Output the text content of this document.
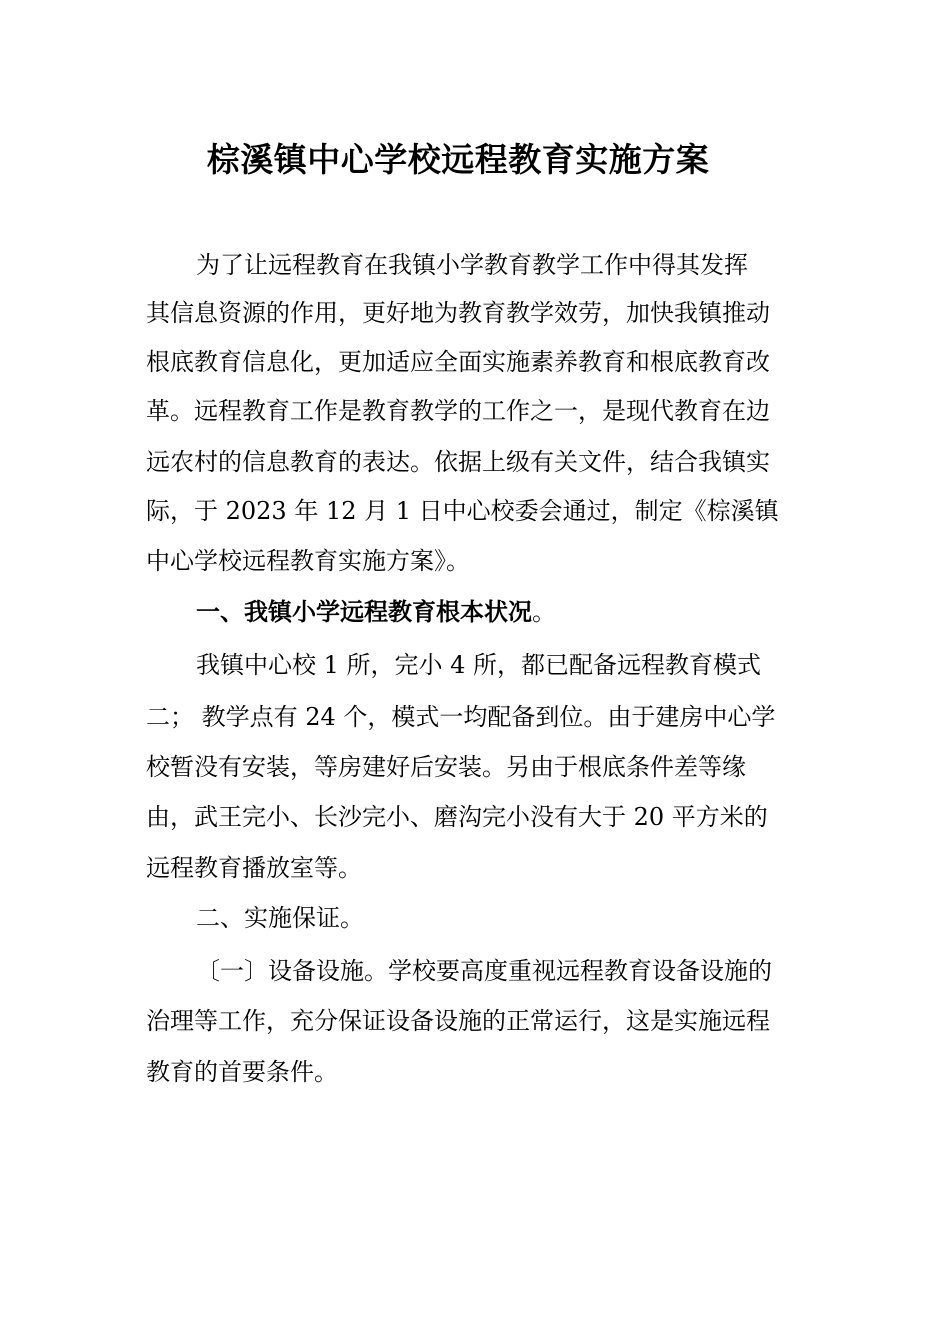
棕溪镇中心学校远程教育实施方案

为了让远程教育在我镇小学教育教学工作中得其发挥

其信息资源的作用，更好地为教育教学效劳，加快我镇推动

根底教育信息化，更加适应全面实施素养教育和根底教育改

革。远程教育工作是教育教学的工作之一，是现代教育在边

远农村的信息教育的表达。依据上级有关文件，结合我镇实

际，于 2023 年 12 月 1 日中心校委会通过，制定《棕溪镇

中心学校远程教育实施方案》。

一、我镇小学远程教育根本状况。

我镇中心校 1 所，完小 4 所，都已配备远程教育模式

二； 教学点有 24 个，模式一均配备到位。由于建房中心学

校暂没有安装，等房建好后安装。另由于根底条件差等缘

由，武王完小、长沙完小、磨沟完小没有大于 20 平方米的

远程教育播放室等。

二、实施保证。

〔一〕设备设施。学校要高度重视远程教育设备设施的

治理等工作，充分保证设备设施的正常运行，这是实施远程

教育的首要条件。
